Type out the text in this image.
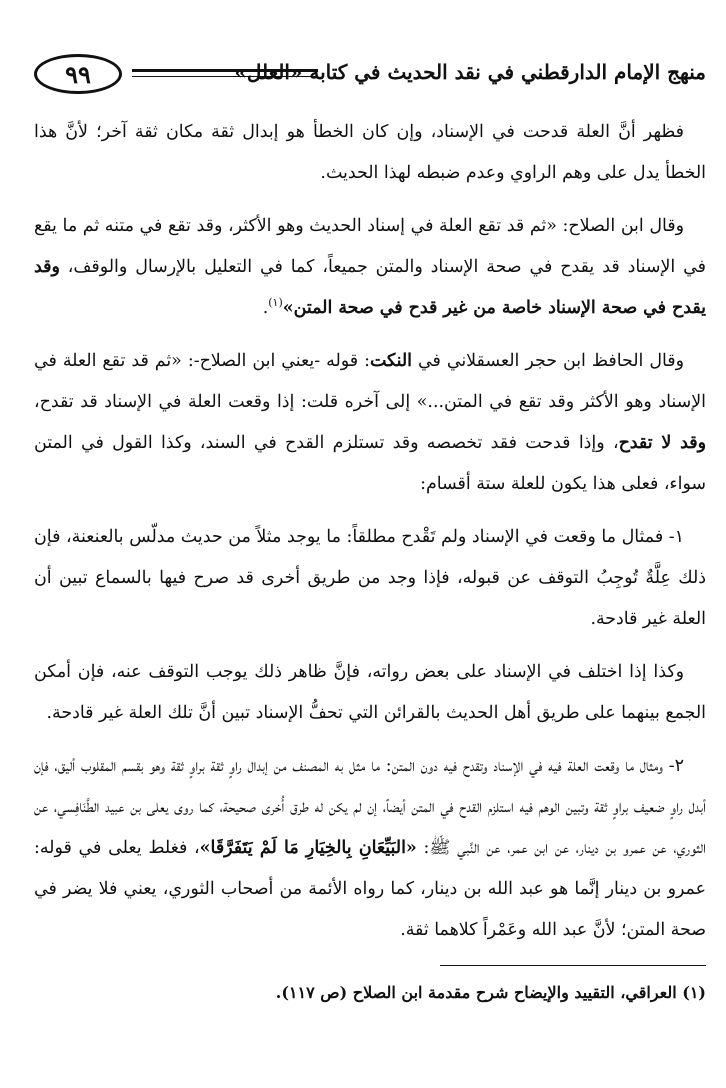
٩٩	منهج الإمام الدارقطني في نقد الحديث في كتابه «العلل»

فظهر أنَّ العلة قدحت في الإسناد، وإن كان الخطأ هو إبدال ثقة مكان ثقة آخر؛ لأنَّ هذا الخطأ يدل على وهم الراوي وعدم ضبطه لهذا الحديث.

وقال ابن الصلاح: «ثم قد تقع العلة في إسناد الحديث وهو الأكثر، وقد تقع في متنه ثم ما يقع في الإسناد قد يقدح في صحة الإسناد والمتن جميعاً، كما في التعليل بالإرسال والوقف، وقد يقدح في صحة الإسناد خاصة من غير قدح في صحة المتن»$^{(١)}$.

وقال الحافظ ابن حجر العسقلاني في النكت: قوله -يعني ابن الصلاح-: «ثم قد تقع العلة في الإسناد وهو الأكثر وقد تقع في المتن...» إلى آخره قلت: إذا وقعت العلة في الإسناد قد تقدح، وقد لا تقدح، وإذا قدحت فقد تخصصه وقد تستلزم القدح في السند، وكذا القول في المتن سواء، فعلى هذا يكون للعلة ستة أقسام:

١- فمثال ما وقعت في الإسناد ولم تَقْدح مطلقاً: ما يوجد مثلاً من حديث مدلّس بالعنعنة، فإن ذلك عِلَّةٌ تُوجِبُ التوقف عن قبوله، فإذا وجد من طريق أخرى قد صرح فيها بالسماع تبين أن العلة غير قادحة.

وكذا إذا اختلف في الإسناد على بعض رواته، فإنَّ ظاهر ذلك يوجب التوقف عنه، فإن أمكن الجمع بينهما على طريق أهل الحديث بالقرائن التي تحفُّ الإسناد تبين أنَّ تلك العلة غير قادحة.

٢- ومثال ما وقعت العلة فيه في الإسناد وتقدح فيه دون المتن: ما مثل به المصنف من إبدال راوٍ ثقة براوٍ ثقة وهو بقسم المقلوب أليق، فإن أبدل راوٍ ضعيف براوٍ ثقة وتبين الوهم فيه استلزم القدح في المتن أيضاً، إن لم يكن له طرق أُخرى صحيحة، كما روى يعلى بن عبيد الطَّنَافِسي، عن الثوري، عن عمرو بن دينار، عن ابن عمر، عن النَّبي ﷺ: «البَيِّعَانِ بِالخِيَارِ مَا لَمْ يَتَفَرَّقَا»، فغلط يعلى في قوله: عمرو بن دينار إنَّما هو عبد الله بن دينار، كما رواه الأئمة من أصحاب الثوري، يعني فلا يضر في صحة المتن؛ لأنَّ عبد الله وعَمْراً كلاهما ثقة.

(١) العراقي، التقييد والإيضاح شرح مقدمة ابن الصلاح (ص ١١٧).
